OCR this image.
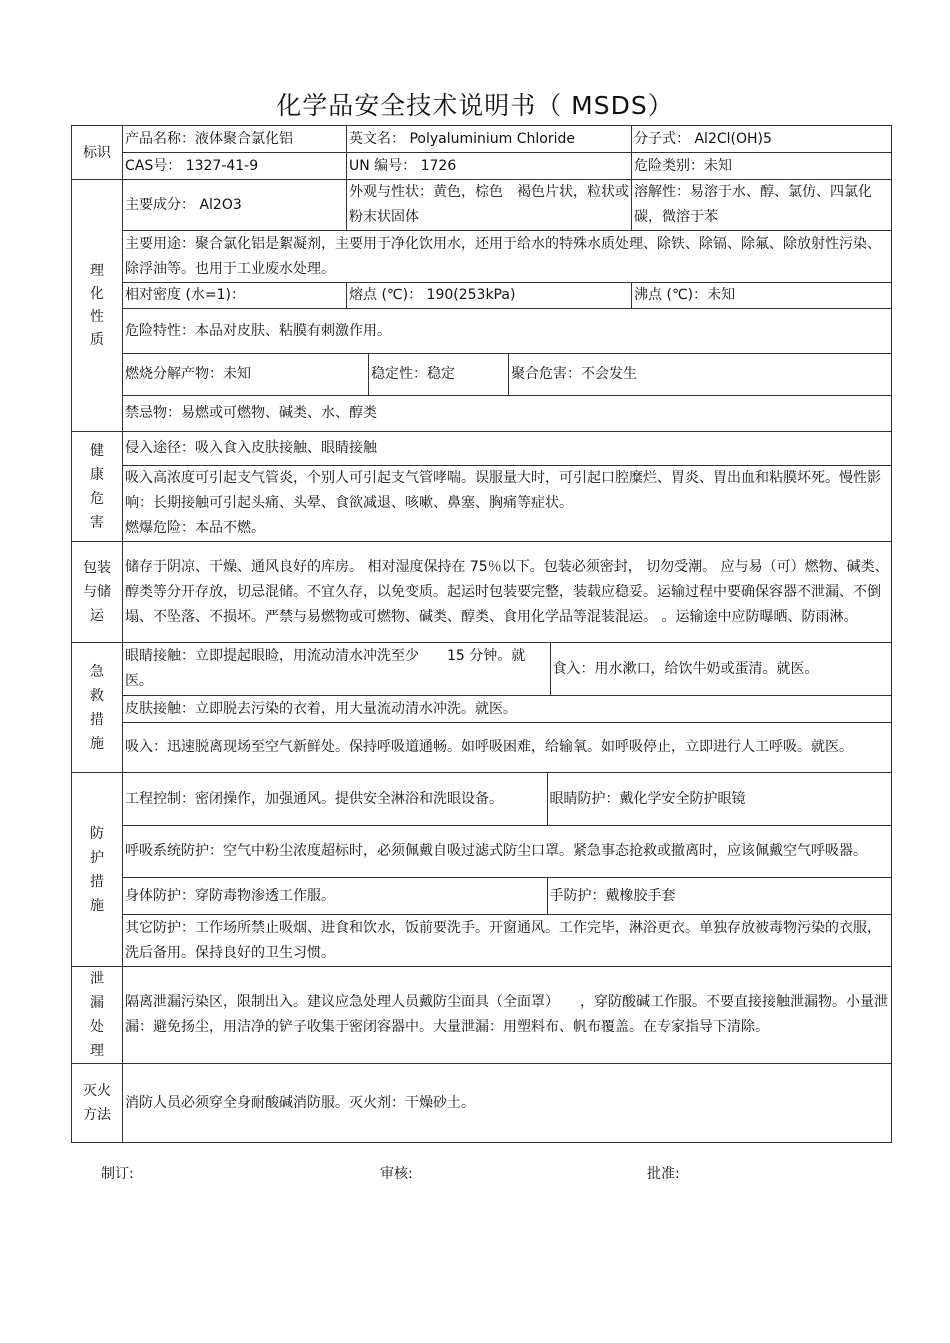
化学品安全技术说明书（ MSDS）
标识	产品名称：液体聚合氯化铝	英文名： Polyaluminium Chloride	分子式： Al2Cl(OH)5
CAS号： 1327-41-9	UN 编号： 1726	危险类别：未知

理化性质
	主要成分： Al2O3	外观与性状：黄色，棕色　褐色片状，粒状或粉末状固体	溶解性：易溶于水、醇、氯仿、四氯化碳，微溶于苯
主要用途：聚合氯化铝是絮凝剂，主要用于净化饮用水，还用于给水的特殊水质处理、除铁、除镉、除氟、除放射性污染、除浮油等。也用于工业废水处理。
相对密度 (水=1)：	熔点 (℃)： 190(253kPa)	沸点 (℃)：未知
危险特性：本品对皮肤、粘膜有刺激作用。
燃烧分解产物：未知	稳定性：稳定	聚合危害：不会发生
禁忌物：易燃或可燃物、碱类、水、醇类

健康危害
	侵入途径：吸入食入皮肤接触、眼睛接触

吸入高浓度可引起支气管炎，个别人可引起支气管哮喘。误服量大时，可引起口腔糜烂、胃炎、胃出血和粘膜坏死。慢性影响：长期接触可引起头痛、头晕、食欲减退、咳嗽、鼻塞、胸痛等症状。
燃爆危险：本品不燃。

包装与储运
	储存于阴凉、干燥、通风良好的库房。 相对湿度保持在 75％以下。包装必须密封， 切勿受潮。 应与易（可）燃物、碱类、醇类等分开存放，切忌混储。不宜久存，以免变质。起运时包装要完整，装载应稳妥。运输过程中要确保容器不泄漏、不倒塌、不坠落、不损坏。严禁与易燃物或可燃物、碱类、醇类、食用化学品等混装混运。 。运输途中应防曝晒、防雨淋。

急救措施

眼睛接触：立即提起眼睑，用流动清水冲洗至少　　15 分钟。就医。	食入：用水漱口，给饮牛奶或蛋清。就医。

皮肤接触：立即脱去污染的衣着，用大量流动清水冲洗。就医。
吸入：迅速脱离现场至空气新鲜处。保持呼吸道通畅。如呼吸困难，给输氧。如呼吸停止，立即进行人工呼吸。就医。

防护措施

工程控制：密闭操作，加强通风。提供安全淋浴和洗眼设备。	眼睛防护：戴化学安全防护眼镜

呼吸系统防护：空气中粉尘浓度超标时，必须佩戴自吸过滤式防尘口罩。紧急事态抢救或撤离时，应该佩戴空气呼吸器。

身体防护：穿防毒物渗透工作服。	手防护：戴橡胶手套

其它防护：工作场所禁止吸烟、进食和饮水，饭前要洗手。开窗通风。工作完毕，淋浴更衣。单独存放被毒物污染的衣服，洗后备用。保持良好的卫生习惯。

泄漏处理
	隔离泄漏污染区，限制出入。建议应急处理人员戴防尘面具（全面罩）　　，穿防酸碱工作服。不要直接接触泄漏物。小量泄漏：避免扬尘，用洁净的铲子收集于密闭容器中。大量泄漏：用塑料布、帆布覆盖。在专家指导下清除。

灭火方法
	消防人员必须穿全身耐酸碱消防服。灭火剂：干燥砂土。
制订:	审核:	批准:
